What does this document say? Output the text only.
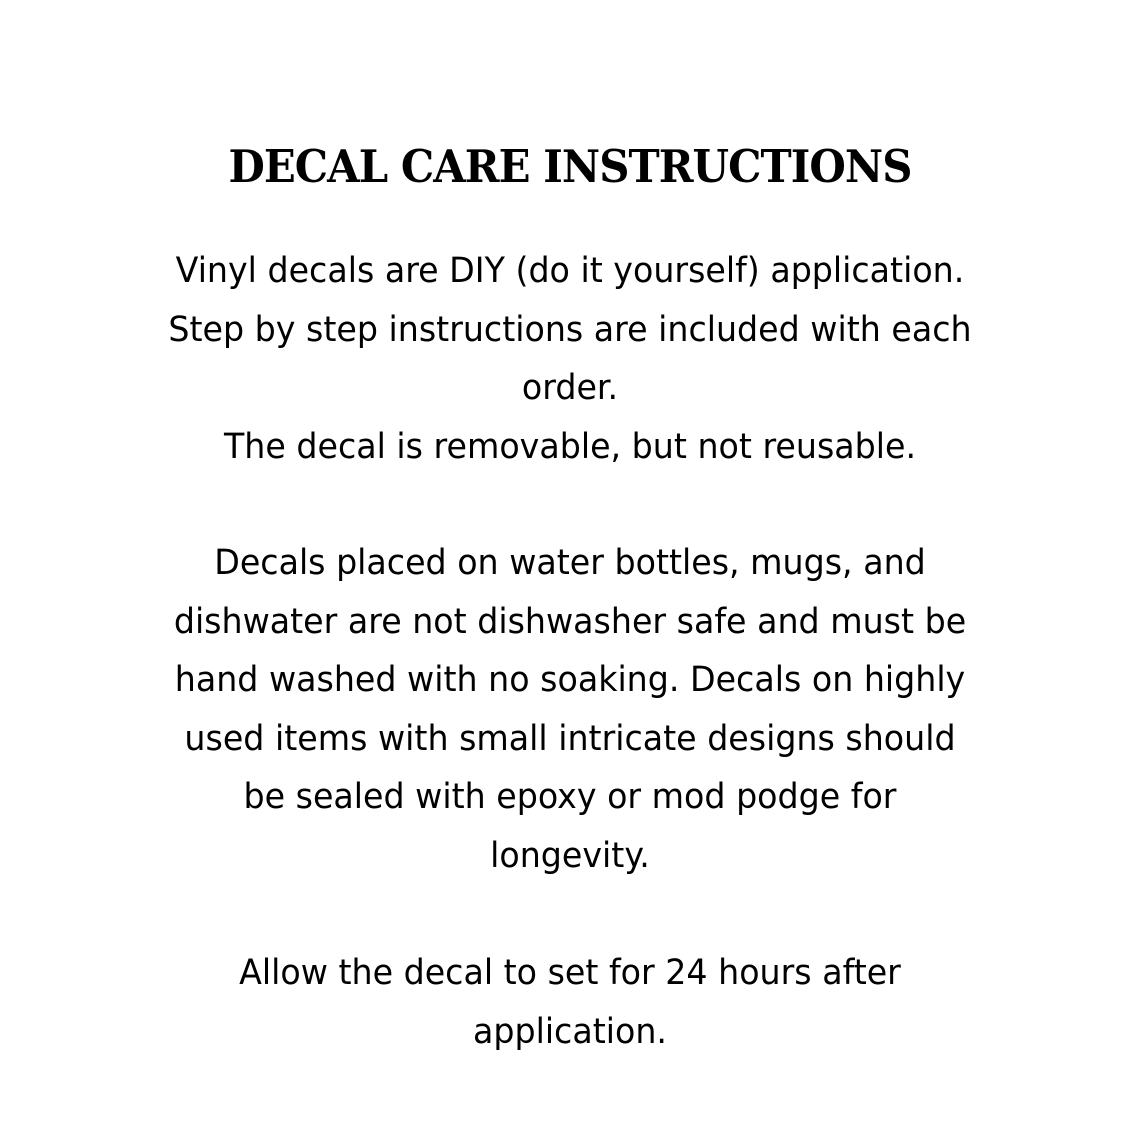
DECAL CARE INSTRUCTIONS
Vinyl decals are DIY (do it yourself) application.
Step by step instructions are included with each
order.
The decal is removable, but not reusable.
Decals placed on water bottles, mugs, and
dishwater are not dishwasher safe and must be
hand washed with no soaking. Decals on highly
used items with small intricate designs should
be sealed with epoxy or mod podge for
longevity.
Allow the decal to set for 24 hours after
application.
